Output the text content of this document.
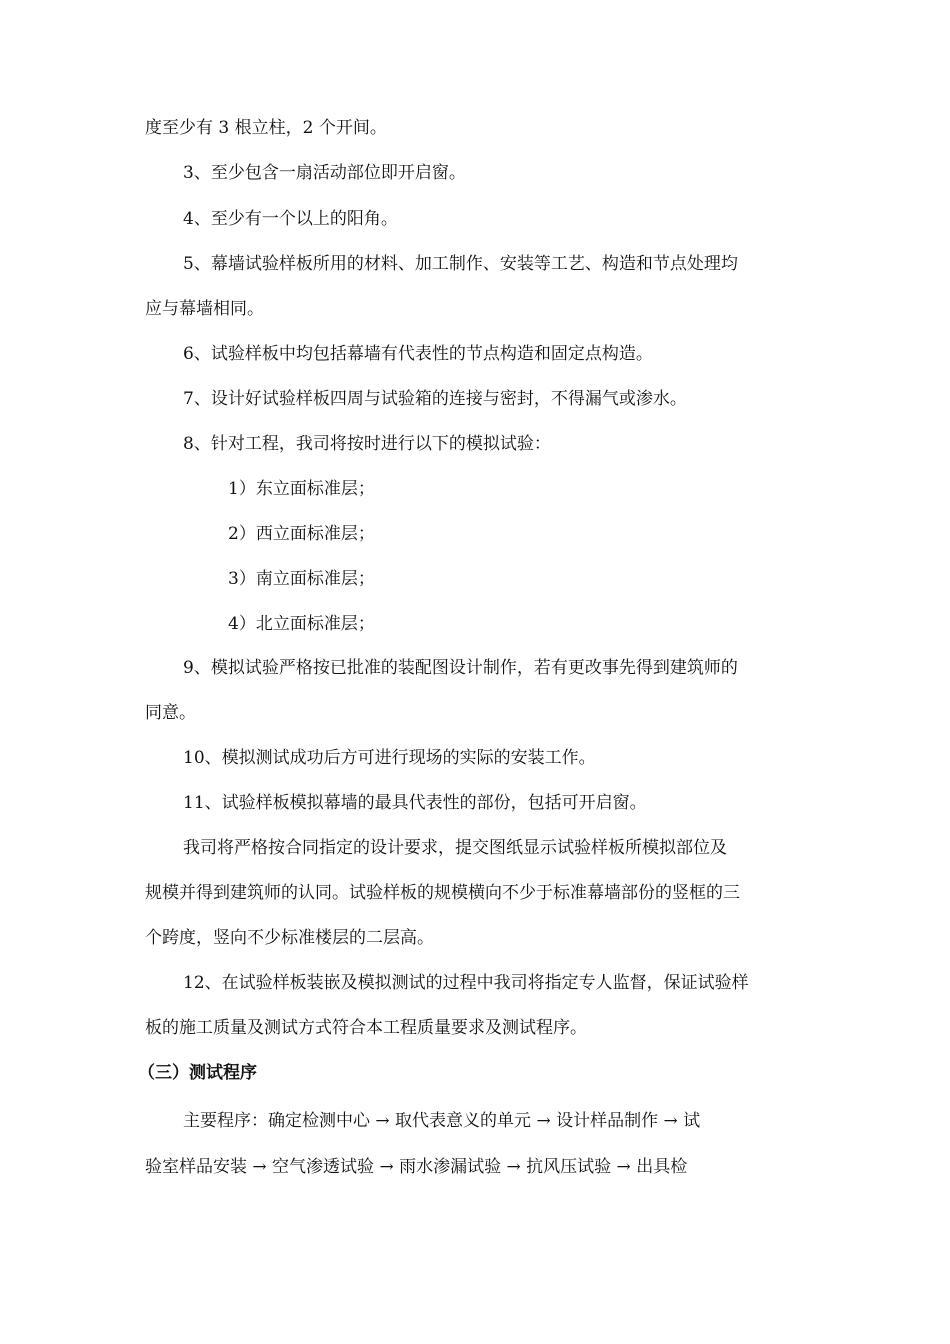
度至少有 3 根立柱，2 个开间。
3、至少包含一扇活动部位即开启窗。
4、至少有一个以上的阳角。
5、幕墙试验样板所用的材料、加工制作、安装等工艺、构造和节点处理均
应与幕墙相同。
6、试验样板中均包括幕墙有代表性的节点构造和固定点构造。
7、设计好试验样板四周与试验箱的连接与密封，不得漏气或渗水。
8、针对工程，我司将按时进行以下的模拟试验：
1）东立面标准层；
2）西立面标准层；
3）南立面标准层；
4）北立面标准层；
9、模拟试验严格按已批准的装配图设计制作，若有更改事先得到建筑师的
同意。
10、模拟测试成功后方可进行现场的实际的安装工作。
11、试验样板模拟幕墙的最具代表性的部份，包括可开启窗。
我司将严格按合同指定的设计要求，提交图纸显示试验样板所模拟部位及
规模并得到建筑师的认同。试验样板的规模横向不少于标准幕墙部份的竖框的三
个跨度，竖向不少标准楼层的二层高。
12、在试验样板装嵌及模拟测试的过程中我司将指定专人监督，保证试验样
板的施工质量及测试方式符合本工程质量要求及测试程序。
（三）测试程序
主要程序：确定检测中心 → 取代表意义的单元 → 设计样品制作 → 试
验室样品安装 → 空气渗透试验 → 雨水渗漏试验 → 抗风压试验 → 出具检
